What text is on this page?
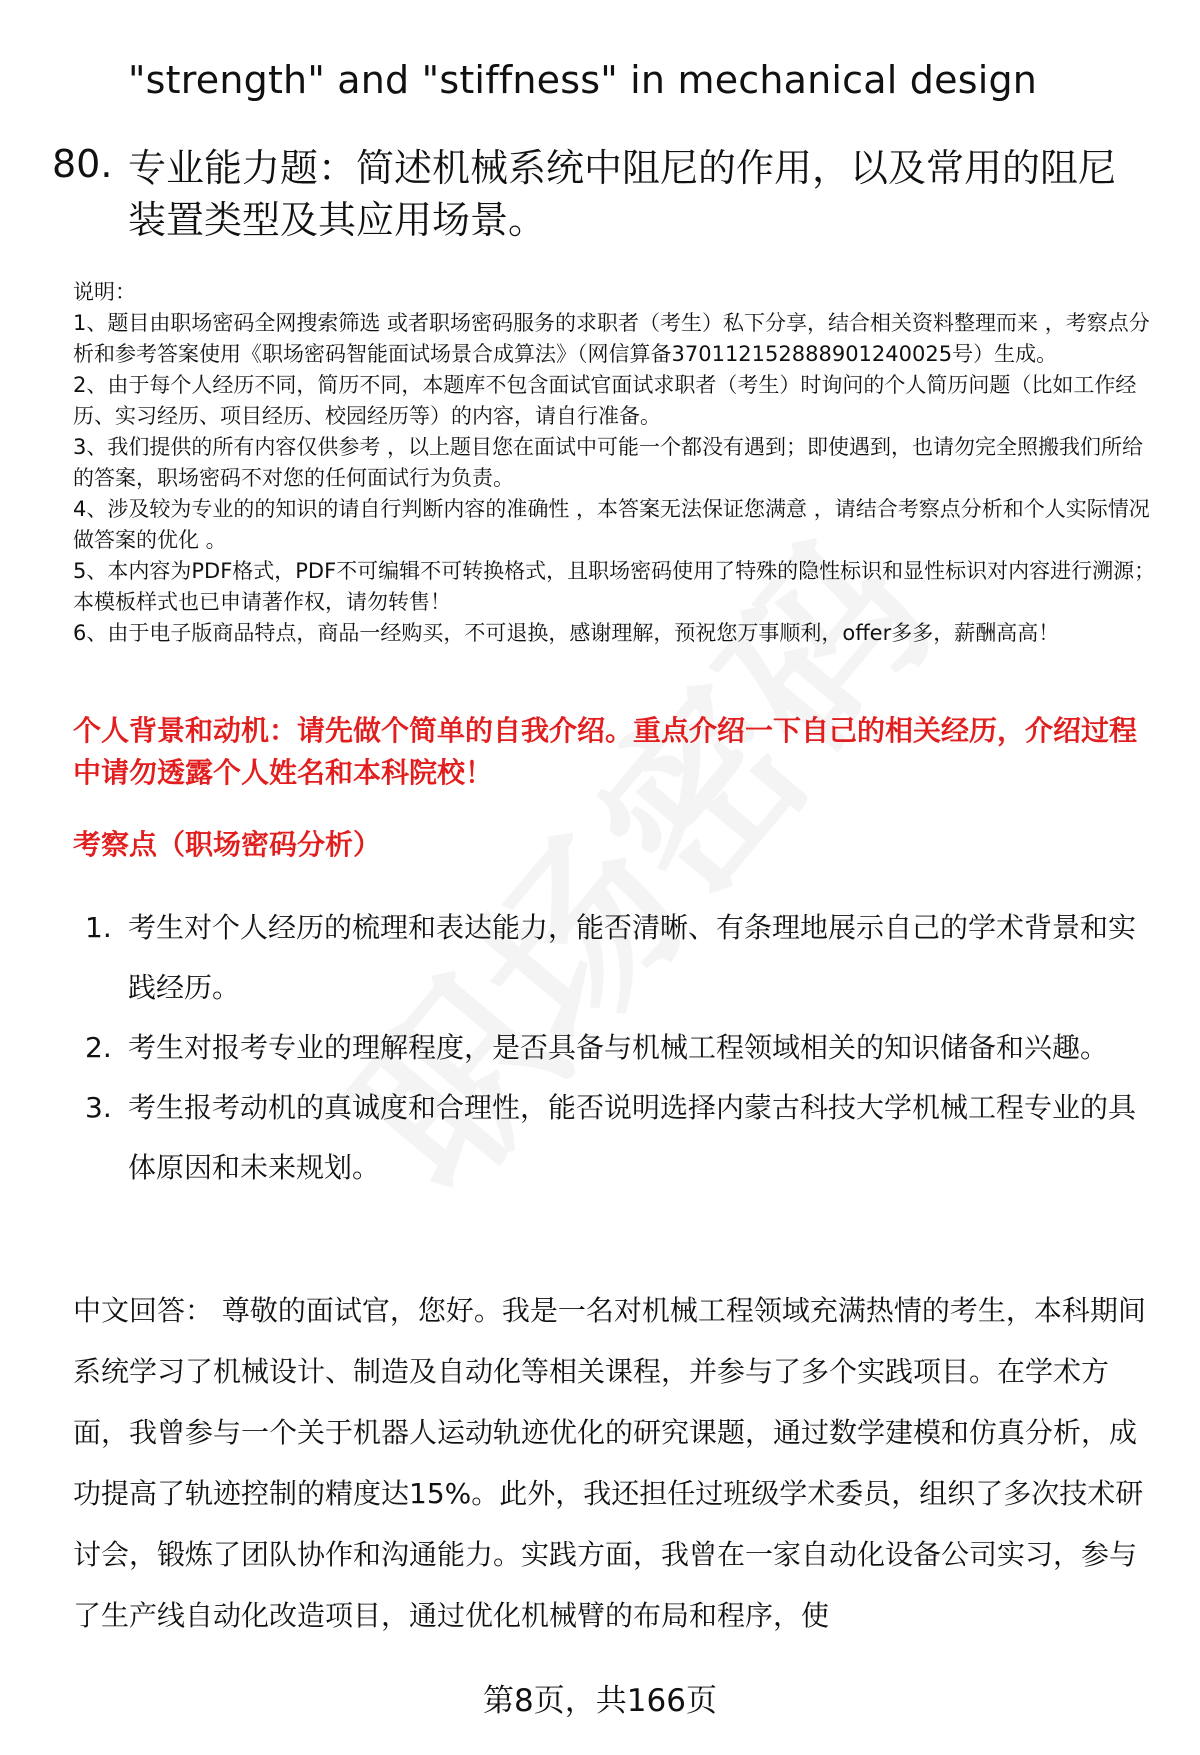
"strength" and "stiffness" in mechanical design
80. 专业能力题：简述机械系统中阻尼的作用，以及常用的阻尼装置类型及其应用场景。

说明：

1、题目由职场密码全网搜索筛选 或者职场密码服务的求职者（考生）私下分享，结合相关资料整理而来 ，考察点分析和参考答案使用《职场密码智能面试场景合成算法》（网信算备370112152888901240025号）生成。

2、由于每个人经历不同，简历不同，本题库不包含面试官面试求职者（考生）时询问的个人简历问题（比如工作经历、实习经历、项目经历、校园经历等）的内容，请自行准备。

3、我们提供的所有内容仅供参考 ，以上题目您在面试中可能一个都没有遇到；即使遇到，也请勿完全照搬我们所给的答案，职场密码不对您的任何面试行为负责。

4、涉及较为专业的的知识的请自行判断内容的准确性 ，本答案无法保证您满意 ，请结合考察点分析和个人实际情况做答案的优化 。

5、本内容为PDF格式，PDF不可编辑不可转换格式，且职场密码使用了特殊的隐性标识和显性标识对内容进行溯源；本模板样式也已申请著作权，请勿转售！

6、由于电子版商品特点，商品一经购买，不可退换，感谢理解，预祝您万事顺利，offer多多，薪酬高高！

个人背景和动机：请先做个简单的自我介绍。重点介绍一下自己的相关经历，介绍过程中请勿透露个人姓名和本科院校！
考察点（职场密码分析）
1. 考生对个人经历的梳理和表达能力，能否清晰、有条理地展示自己的学术背景和实践经历。
2. 考生对报考专业的理解程度，是否具备与机械工程领域相关的知识储备和兴趣。
3. 考生报考动机的真诚度和合理性，能否说明选择内蒙古科技大学机械工程专业的具体原因和未来规划。
中文回答： 尊敬的面试官，您好。我是一名对机械工程领域充满热情的考生，本科期间系统学习了机械设计、制造及自动化等相关课程，并参与了多个实践项目。在学术方面，我曾参与一个关于机器人运动轨迹优化的研究课题，通过数学建模和仿真分析，成功提高了轨迹控制的精度达15%。此外，我还担任过班级学术委员，组织了多次技术研讨会，锻炼了团队协作和沟通能力。实践方面，我曾在一家自动化设备公司实习，参与了生产线自动化改造项目，通过优化机械臂的布局和程序，使
第8页，共166页
